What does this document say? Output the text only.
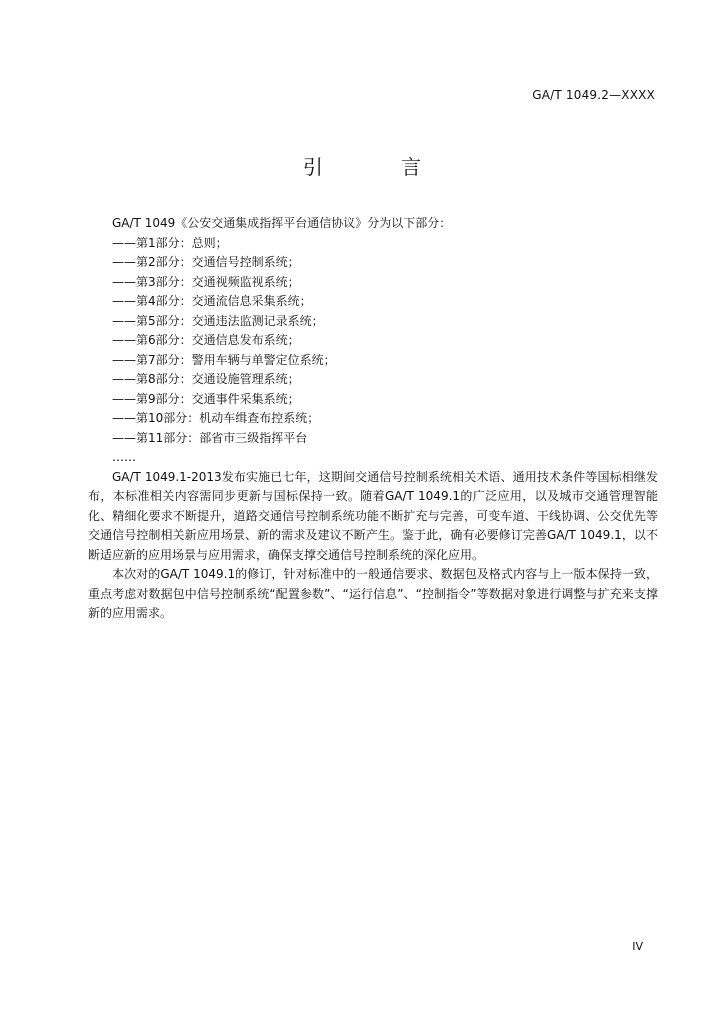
GA/T 1049.2—XXXX
引 言
GA/T 1049《公安交通集成指挥平台通信协议》分为以下部分：
——第1部分：总则；
——第2部分：交通信号控制系统；
——第3部分：交通视频监视系统；
——第4部分：交通流信息采集系统；
——第5部分：交通违法监测记录系统；
——第6部分：交通信息发布系统；
——第7部分：警用车辆与单警定位系统；
——第8部分：交通设施管理系统；
——第9部分：交通事件采集系统；
——第10部分：机动车缉查布控系统；
——第11部分：部省市三级指挥平台
……

GA/T 1049.1-2013发布实施已七年，这期间交通信号控制系统相关术语、通用技术条件等国标相继发布，本标准相关内容需同步更新与国标保持一致。随着GA/T 1049.1的广泛应用，以及城市交通管理智能化、精细化要求不断提升，道路交通信号控制系统功能不断扩充与完善，可变车道、干线协调、公交优先等交通信号控制相关新应用场景、新的需求及建议不断产生。鉴于此，确有必要修订完善GA/T 1049.1，以不断适应新的应用场景与应用需求，确保支撑交通信号控制系统的深化应用。

本次对的GA/T 1049.1的修订，针对标准中的一般通信要求、数据包及格式内容与上一版本保持一致，重点考虑对数据包中信号控制系统“配置参数”、“运行信息”、“控制指令”等数据对象进行调整与扩充来支撑新的应用需求。

IV
